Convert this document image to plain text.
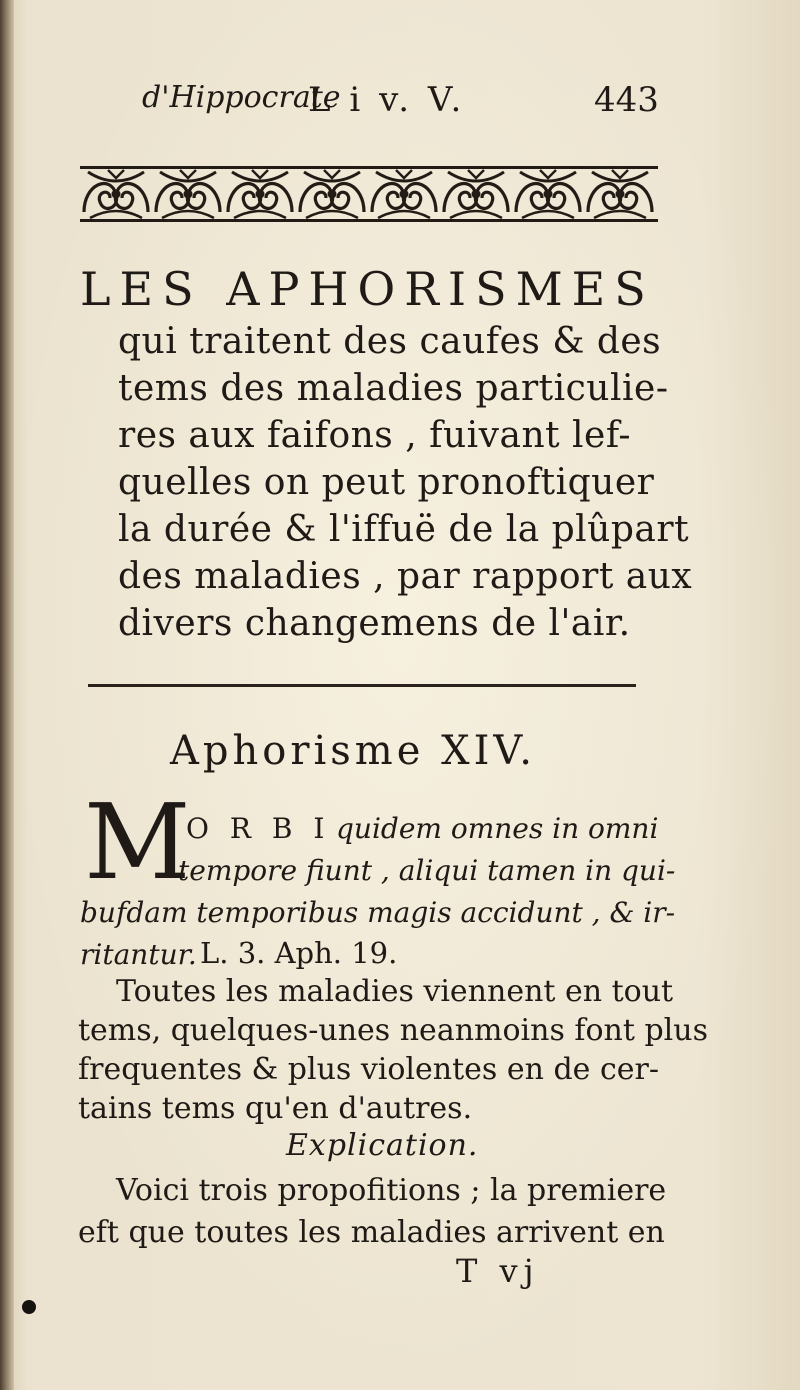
d'Hippocrate
L i v. V.	443
LES APHORISMES
qui traitent des caufes & des
tems des maladies particulie-
res aux faifons , fuivant lef-
quelles on peut pronoftiquer
la durée & l'iffuë de la plûpart
des maladies , par rapport aux
divers changemens de l'air.
Aphorisme XIV.
M
O R B I quidem omnes in omni
tempore fiunt , aliqui tamen in qui-
bufdam temporibus magis accidunt , & ir-
ritantur. L. 3. Aph. 19.
Toutes les maladies viennent en tout
tems, quelques-unes neanmoins font plus
frequentes & plus violentes en de cer-
tains tems qu'en d'autres.
Explication.
Voici trois propofitions ; la premiere
eft que toutes les maladies arrivent en
T vj
